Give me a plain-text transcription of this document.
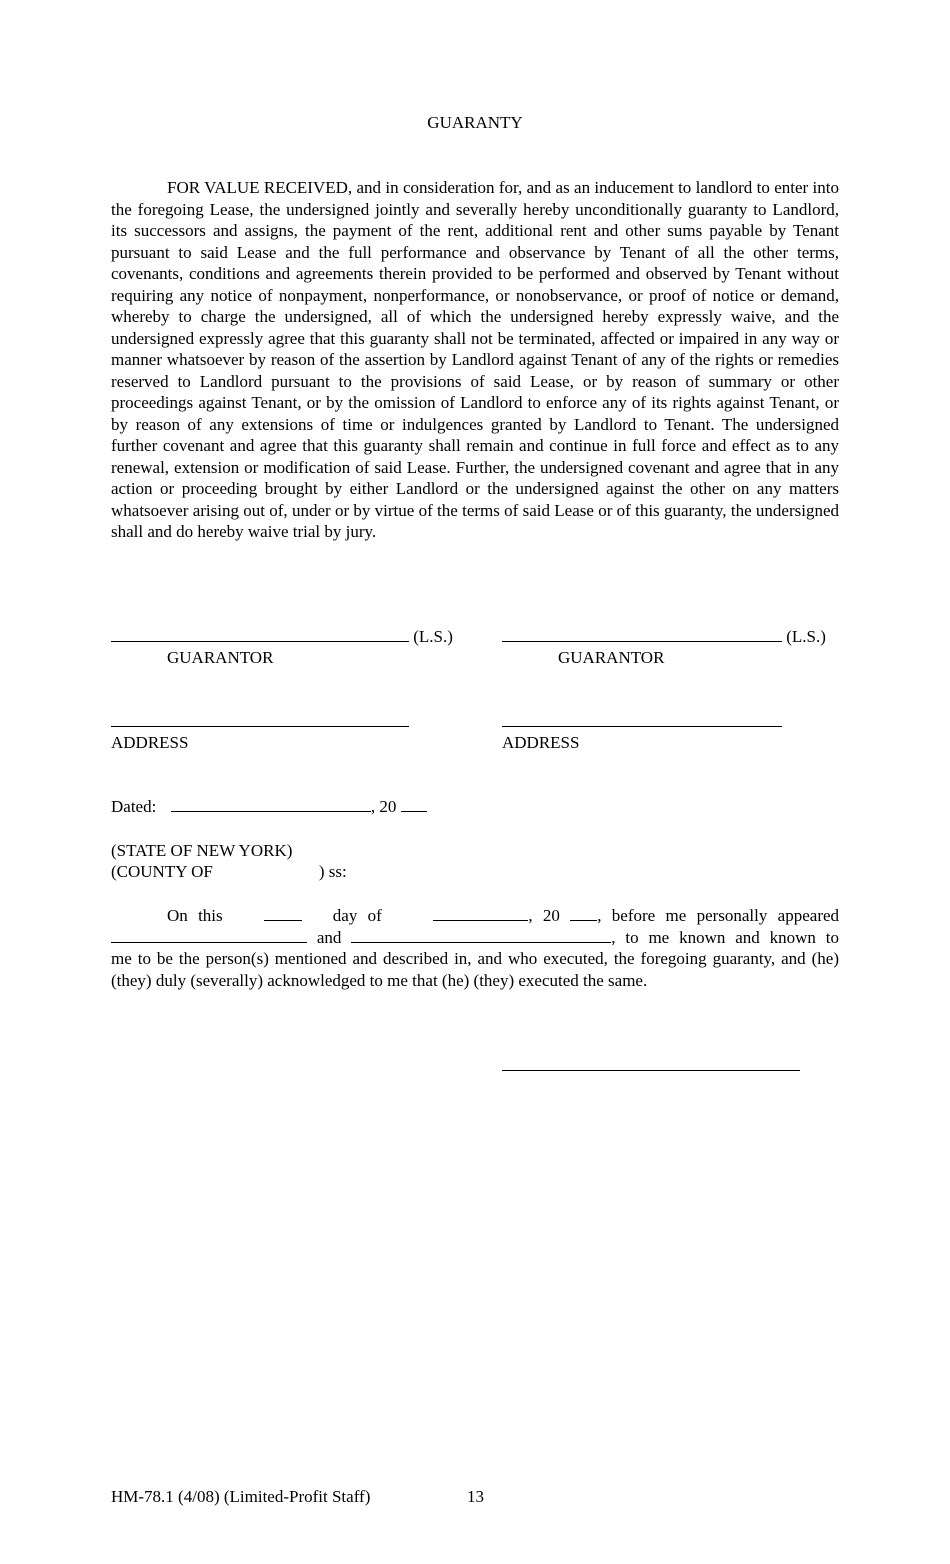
GUARANTY

FOR VALUE RECEIVED, and in consideration for, and as an inducement to landlord to enter into the foregoing Lease, the undersigned jointly and severally hereby unconditionally guaranty to Landlord, its successors and assigns, the payment of the rent, additional rent and other sums payable by Tenant pursuant to said Lease and the full performance and observance by Tenant of all the other terms, covenants, conditions and agreements therein provided to be performed and observed by Tenant without requiring any notice of nonpayment, nonperformance, or nonobservance, or proof of notice or demand, whereby to charge the undersigned, all of which the undersigned hereby expressly waive, and the undersigned expressly agree that this guaranty shall not be terminated, affected or impaired in any way or manner whatsoever by reason of the assertion by Landlord against Tenant of any of the rights or remedies reserved to Landlord pursuant to the provisions of said Lease, or by reason of summary or other proceedings against Tenant, or by the omission of Landlord to enforce any of its rights against Tenant, or by reason of any extensions of time or indulgences granted by Landlord to Tenant. The undersigned further covenant and agree that this guaranty shall remain and continue in full force and effect as to any renewal, extension or modification of said Lease. Further, the undersigned covenant and agree that in any action or proceeding brought by either Landlord or the undersigned against the other on any matters whatsoever arising out of, under or by virtue of the terms of said Lease or of this guaranty, the undersigned shall and do hereby waive trial by jury.

(L.S.)	(L.S.)
GUARANTOR	GUARANTOR
ADDRESS	ADDRESS
Dated:	, 20
(STATE OF NEW YORK)
(COUNTY OF	) ss:
On this	day of	, 20 , before me personally appeared
and	, to me known and known to
me to be the person(s) mentioned and described in, and who executed, the foregoing guaranty, and (he) (they) duly (severally) acknowledged to me that (he) (they) executed the same.
HM-78.1 (4/08) (Limited-Profit Staff)	13
